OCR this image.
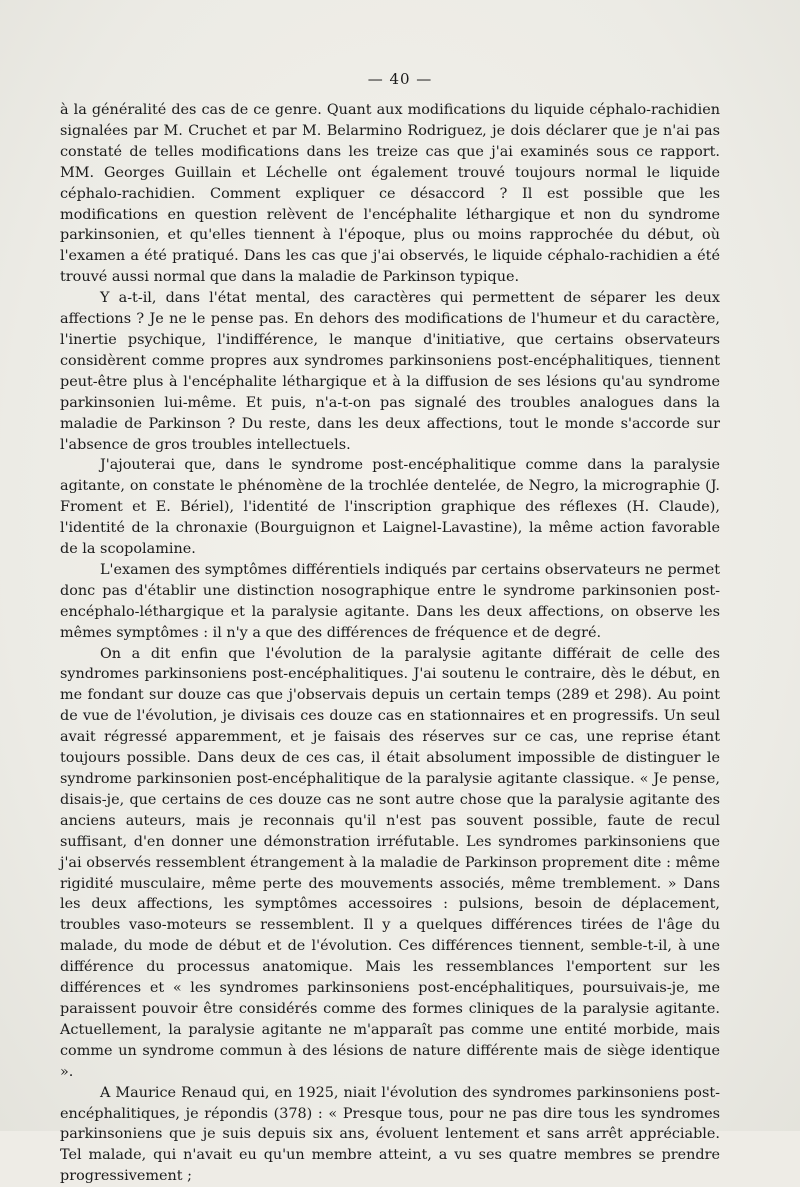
— 40 —

à la généralité des cas de ce genre. Quant aux modifications du liquide céphalo-rachidien signalées par M. Cruchet et par M. Belarmino Rodriguez, je dois déclarer que je n'ai pas constaté de telles modifications dans les treize cas que j'ai examinés sous ce rapport. MM. Georges Guillain et Léchelle ont également trouvé toujours normal le liquide céphalo-rachidien. Comment expliquer ce désaccord ? Il est possible que les modifications en question relèvent de l'encéphalite léthargique et non du syndrome parkinsonien, et qu'elles tiennent à l'époque, plus ou moins rapprochée du début, où l'examen a été pratiqué. Dans les cas que j'ai observés, le liquide céphalo-rachidien a été trouvé aussi normal que dans la maladie de Parkinson typique.

Y a-t-il, dans l'état mental, des caractères qui permettent de séparer les deux affections ? Je ne le pense pas. En dehors des modifications de l'humeur et du caractère, l'inertie psychique, l'indifférence, le manque d'initiative, que certains observateurs considèrent comme propres aux syndromes parkinsoniens post-encéphalitiques, tiennent peut-être plus à l'encéphalite léthargique et à la diffusion de ses lésions qu'au syndrome parkinsonien lui-même. Et puis, n'a-t-on pas signalé des troubles analogues dans la maladie de Parkinson ? Du reste, dans les deux affections, tout le monde s'accorde sur l'absence de gros troubles intellectuels.

J'ajouterai que, dans le syndrome post-encéphalitique comme dans la paralysie agitante, on constate le phénomène de la trochlée dentelée, de Negro, la micrographie (J. Froment et E. Bériel), l'identité de l'inscription graphique des réflexes (H. Claude), l'identité de la chronaxie (Bourguignon et Laignel-Lavastine), la même action favorable de la scopolamine.

L'examen des symptômes différentiels indiqués par certains observateurs ne permet donc pas d'établir une distinction nosographique entre le syndrome parkinsonien post-encéphalo-léthargique et la paralysie agitante. Dans les deux affections, on observe les mêmes symptômes : il n'y a que des différences de fréquence et de degré.

On a dit enfin que l'évolution de la paralysie agitante différait de celle des syndromes parkinsoniens post-encéphalitiques. J'ai soutenu le contraire, dès le début, en me fondant sur douze cas que j'observais depuis un certain temps (289 et 298). Au point de vue de l'évolution, je divisais ces douze cas en stationnaires et en progressifs. Un seul avait régressé apparemment, et je faisais des réserves sur ce cas, une reprise étant toujours possible. Dans deux de ces cas, il était absolument impossible de distinguer le syndrome parkinsonien post-encéphalitique de la paralysie agitante classique. « Je pense, disais-je, que certains de ces douze cas ne sont autre chose que la paralysie agitante des anciens auteurs, mais je reconnais qu'il n'est pas souvent possible, faute de recul suffisant, d'en donner une démonstration irréfutable. Les syndromes parkinsoniens que j'ai observés ressemblent étrangement à la maladie de Parkinson proprement dite : même rigidité musculaire, même perte des mouvements associés, même tremblement. » Dans les deux affections, les symptômes accessoires : pulsions, besoin de déplacement, troubles vaso-moteurs se ressemblent. Il y a quelques différences tirées de l'âge du malade, du mode de début et de l'évolution. Ces différences tiennent, semble-t-il, à une différence du processus anatomique. Mais les ressemblances l'emportent sur les différences et « les syndromes parkinsoniens post-encéphalitiques, poursuivais-je, me paraissent pouvoir être considérés comme des formes cliniques de la paralysie agitante. Actuellement, la paralysie agitante ne m'apparaît pas comme une entité morbide, mais comme un syndrome commun à des lésions de nature différente mais de siège identique ».

A Maurice Renaud qui, en 1925, niait l'évolution des syndromes parkinsoniens post-encéphalitiques, je répondis (378) : « Presque tous, pour ne pas dire tous les syndromes parkinsoniens que je suis depuis six ans, évoluent lentement et sans arrêt appréciable. Tel malade, qui n'avait eu qu'un membre atteint, a vu ses quatre membres se prendre progressivement ;
